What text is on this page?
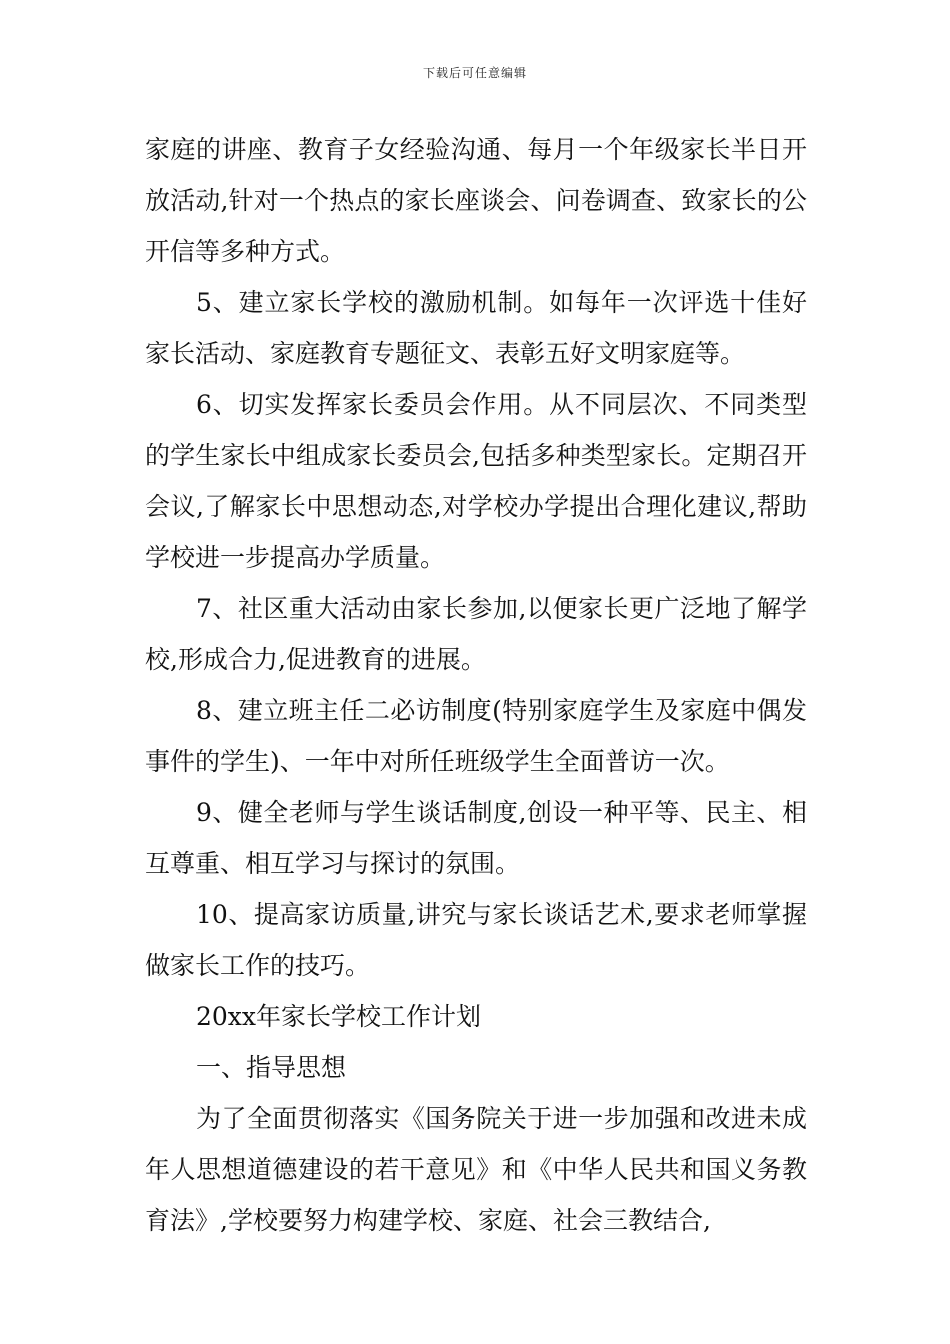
下载后可任意编辑

家庭的讲座、教育子女经验沟通、每月一个年级家长半日开放活动,针对一个热点的家长座谈会、问卷调查、致家长的公开信等多种方式。

5、建立家长学校的激励机制。如每年一次评选十佳好家长活动、家庭教育专题征文、表彰五好文明家庭等。

6、切实发挥家长委员会作用。从不同层次、不同类型的学生家长中组成家长委员会,包括多种类型家长。定期召开会议,了解家长中思想动态,对学校办学提出合理化建议,帮助学校进一步提高办学质量。

7、社区重大活动由家长参加,以便家长更广泛地了解学校,形成合力,促进教育的进展。

8、建立班主任二必访制度(特别家庭学生及家庭中偶发事件的学生)、一年中对所任班级学生全面普访一次。

9、健全老师与学生谈话制度,创设一种平等、民主、相互尊重、相互学习与探讨的氛围。

10、提高家访质量,讲究与家长谈话艺术,要求老师掌握做家长工作的技巧。

20xx年家长学校工作计划

一、指导思想

为了全面贯彻落实《国务院关于进一步加强和改进未成年人思想道德建设的若干意见》和《中华人民共和国义务教育法》,学校要努力构建学校、家庭、社会三教结合,
